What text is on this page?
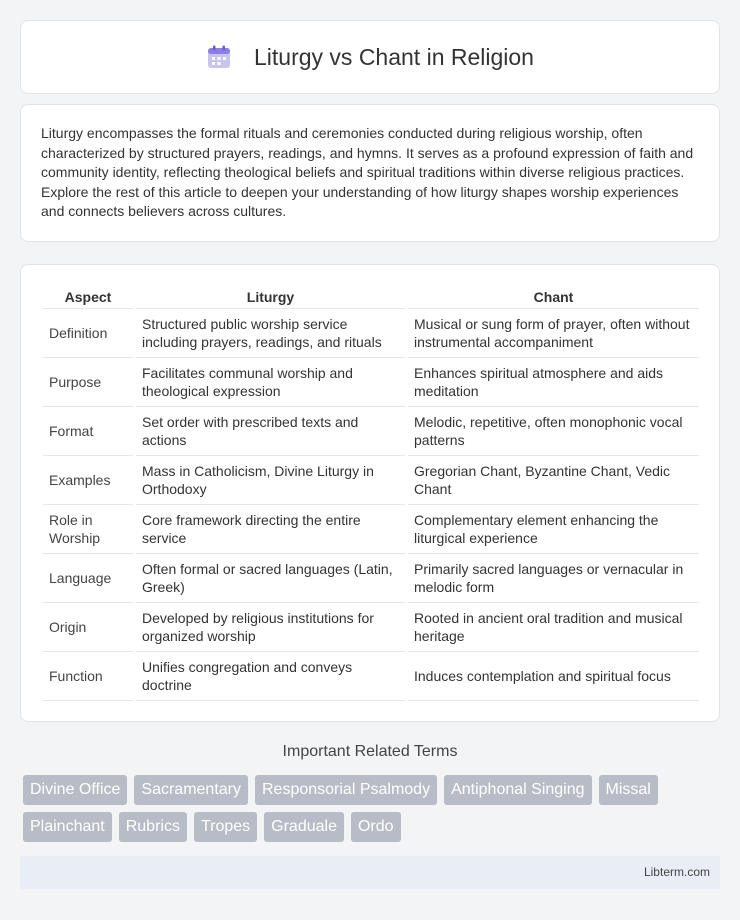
Liturgy vs Chant in Religion

Liturgy encompasses the formal rituals and ceremonies conducted during religious worship, often characterized by structured prayers, readings, and hymns. It serves as a profound expression of faith and community identity, reflecting theological beliefs and spiritual traditions within diverse religious practices. Explore the rest of this article to deepen your understanding of how liturgy shapes worship experiences and connects believers across cultures.

Aspect		Liturgy		Chant
Definition		Structured public worship service including prayers, readings, and rituals		Musical or sung form of prayer, often without instrumental accompaniment
Purpose		Facilitates communal worship and theological expression		Enhances spiritual atmosphere and aids meditation
Format		Set order with prescribed texts and actions		Melodic, repetitive, often monophonic vocal patterns
Examples		Mass in Catholicism, Divine Liturgy in Orthodoxy		Gregorian Chant, Byzantine Chant, Vedic Chant
Role in Worship		Core framework directing the entire service		Complementary element enhancing the liturgical experience
Language		Often formal or sacred languages (Latin, Greek)		Primarily sacred languages or vernacular in melodic form
Origin		Developed by religious institutions for organized worship		Rooted in ancient oral tradition and musical heritage
Function		Unifies congregation and conveys doctrine		Induces contemplation and spiritual focus
Important Related Terms
Divine Office	Sacramentary	Responsorial Psalmody	Antiphonal Singing	Missal
Plainchant	Rubrics	Tropes	Graduale	Ordo
Libterm.com
